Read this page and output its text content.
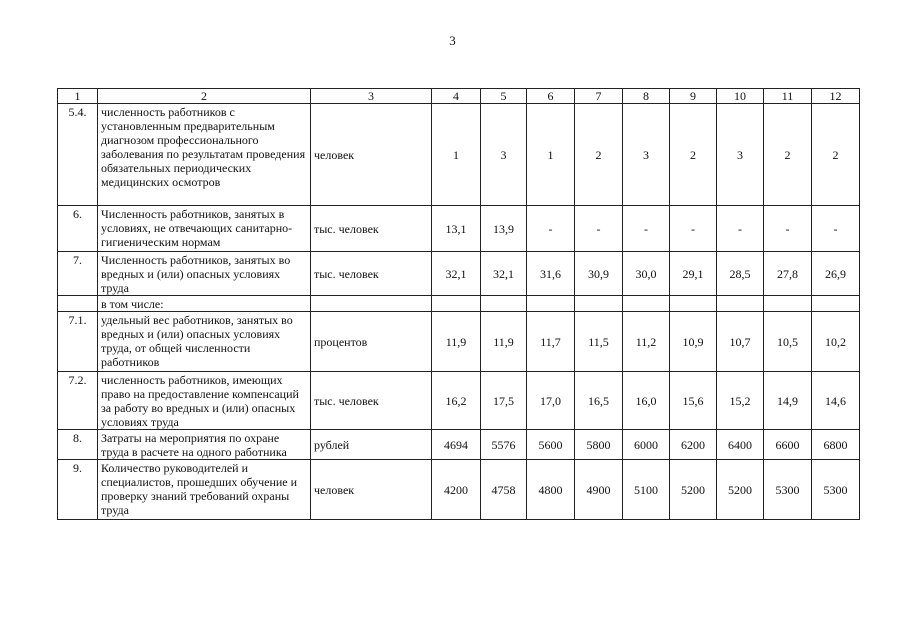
3
1	2	3	4	5	6	7	8	9	10	11	12
5.4.	численность работников с установленным предварительным диагнозом профессионального заболевания по результатам проведения обязательных периодических медицинских осмотров	человек	1	3	1	2	3	2	3	2	2
6.	Численность работников, занятых в условиях, не отвечающих санитарно-гигиеническим нормам	тыс. человек	13,1	13,9	-	-	-	-	-	-	-
7.	Численность работников, занятых во вредных и (или) опасных условиях труда	тыс. человек	32,1	32,1	31,6	30,9	30,0	29,1	28,5	27,8	26,9
	в том числе:										
7.1.	удельный вес работников, занятых во вредных и (или) опасных условиях труда, от общей численности работников	процентов	11,9	11,9	11,7	11,5	11,2	10,9	10,7	10,5	10,2
7.2.	численность работников, имеющих право на предоставление компенсаций за работу во вредных и (или) опасных условиях труда	тыс. человек	16,2	17,5	17,0	16,5	16,0	15,6	15,2	14,9	14,6
8.	Затраты на мероприятия по охране труда в расчете на одного работника	рублей	4694	5576	5600	5800	6000	6200	6400	6600	6800
9.	Количество руководителей и специалистов, прошедших обучение и проверку знаний требований охраны труда	человек	4200	4758	4800	4900	5100	5200	5200	5300	5300
